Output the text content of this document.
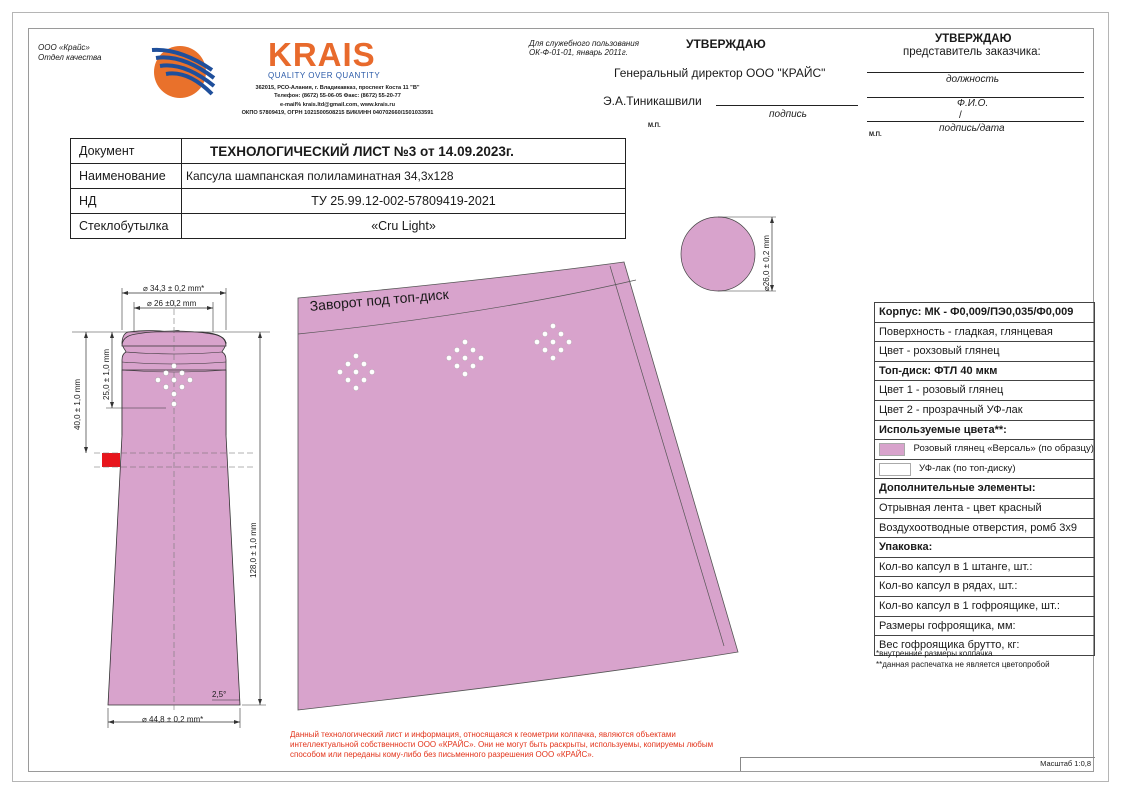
ООО «Крайс»
Отдел качества	KRAIS
QUALITY OVER QUANTITY
362015, РСО-Алания, г. Владикавказ, проспект Коста 11 "В"
Телефон: (8672) 55-06-05 Факс: (8672) 55-20-77
e-mail% krais.ltd@gmail.com, www.krais.ru
ОКПО 57809419, ОГРН 1021500508215 БИК/ИНН 040702660/1501033591
Для служебного пользования
ОК-Ф-01-01, январь 2011г.
УТВЕРЖДАЮ
Генеральный директор ООО "КРАЙС"
Э.А.Тиникашвили
подпись
М.П.
УТВЕРЖДАЮ
представитель заказчика:
должность
Ф.И.О.
/
подпись/дата
М.П.
Документ	ТЕХНОЛОГИЧЕСКИЙ ЛИСТ №3 от 14.09.2023г.
Наименование	Капсула шампанская полиламинатная 34,3х128
НД	ТУ 25.99.12-002-57809419-2021
Стеклобутылка	«Cru Light»
⌀ 34,3 ± 0,2 mm*
⌀ 26 ±0,2 mm
40,0 ± 1,0 mm
25,0 ± 1,0 mm
128,0 ± 1,0 mm
2,5°
⌀ 44,8 ± 0,2 mm*
⌀26,0 ± 0,2 mm
Заворот под топ-диск	Корпус: МК - Ф0,009/ПЭ0,035/Ф0,009
Поверхность - гладкая, глянцевая
Цвет - рохзовый глянец
Топ-диск: ФТЛ 40 мкм
Цвет 1 - розовый глянец
Цвет 2 - прозрачный УФ-лак
Используемые цвета**:
Розовый глянец «Версаль» (по образцу)
УФ-лак (по топ-диску)
Дополнительные элементы:
Отрывная лента - цвет красный
Воздухоотводные отверстия, ромб 3х9
Упаковка:
Кол-во капсул в 1 штанге, шт.:
Кол-во капсул в рядах, шт.:
Кол-во капсул в 1 гофроящике, шт.:
Размеры гофроящика, мм:
Вес гофроящика брутто, кг:
*внутренние размеры колпачка
**данная распечатка не является цветопробой
Данный технологический лист и информация, относящаяся к геометрии колпачка, являются объектами интеллектуальной собственности ООО «КРАЙС». Они не могут быть раскрыты, используемы, копируемы любым способом или переданы кому-либо без письменного разрешения ООО «КРАЙС».
Масштаб 1:0,8
